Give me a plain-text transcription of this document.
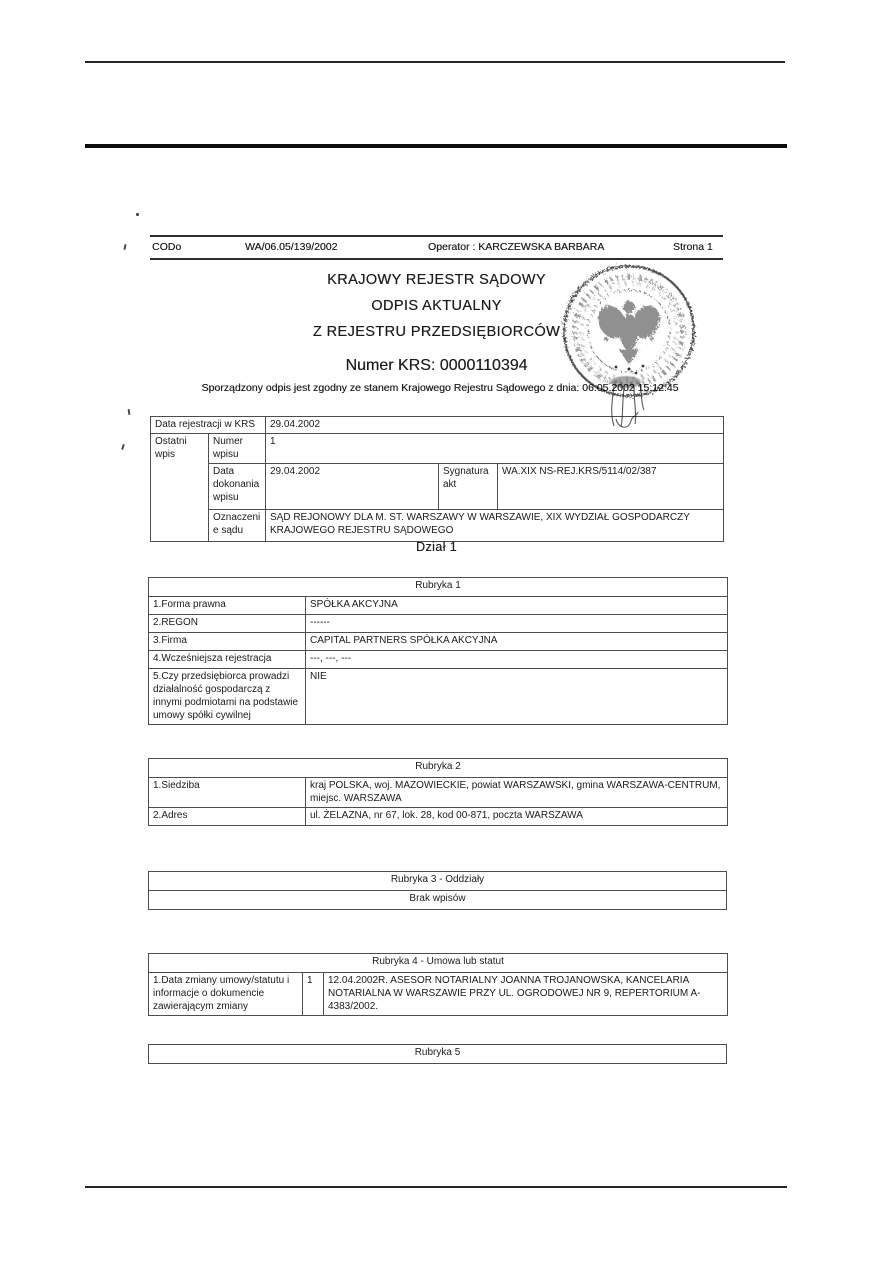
CODo	WA/06.05/139/2002	Operator : KARCZEWSKA BARBARA	Strona 1
KRAJOWY REJESTR SĄDOWY
ODPIS AKTUALNY
Z REJESTRU PRZEDSIĘBIORCÓW
Numer KRS: 0000110394
Sporządzony odpis jest zgodny ze stanem Krajowego Rejestru Sądowego z dnia: 06.05.2002 15:12:45
Data rejestracji w KRS		29.04.2002		
Ostatni wpis	Numer wpisu	1		
	Data dokonania wpisu	29.04.2002	Sygnatura akt	WA.XIX NS-REJ.KRS/5114/02/387
	Oznaczenie sądu	SĄD REJONOWY DLA M. ST. WARSZAWY W WARSZAWIE, XIX WYDZIAŁ GOSPODARCZY KRAJOWEGO REJESTRU SĄDOWEGO		
Dział 1
Rubryka 1	
1.Forma prawna	SPÓŁKA AKCYJNA
2.REGON	------
3.Firma	CAPITAL PARTNERS SPÓŁKA AKCYJNA
4.Wcześniejsza rejestracja	---, ---, ---
5.Czy przedsiębiorca prowadzi działalność gospodarczą z innymi podmiotami na podstawie umowy spółki cywilnej	NIE
Rubryka 2	
1.Siedziba	kraj POLSKA, woj. MAZOWIECKIE, powiat WARSZAWSKI, gmina WARSZAWA-CENTRUM, miejsc. WARSZAWA
2.Adres	ul. ŻELAZNA, nr 67, lok. 28, kod 00-871, poczta WARSZAWA
Rubryka 3 - Oddziały
Brak wpisów
Rubryka 4 - Umowa lub statut
1.Data zmiany umowy/statutu i informacje o dokumencie zawierającym zmiany	1	12.04.2002R. ASESOR NOTARIALNY JOANNA TROJANOWSKA, KANCELARIA NOTARIALNA W WARSZAWIE PRZY UL. OGRODOWEJ NR 9, REPERTORIUM A-4383/2002.
Rubryka 5
